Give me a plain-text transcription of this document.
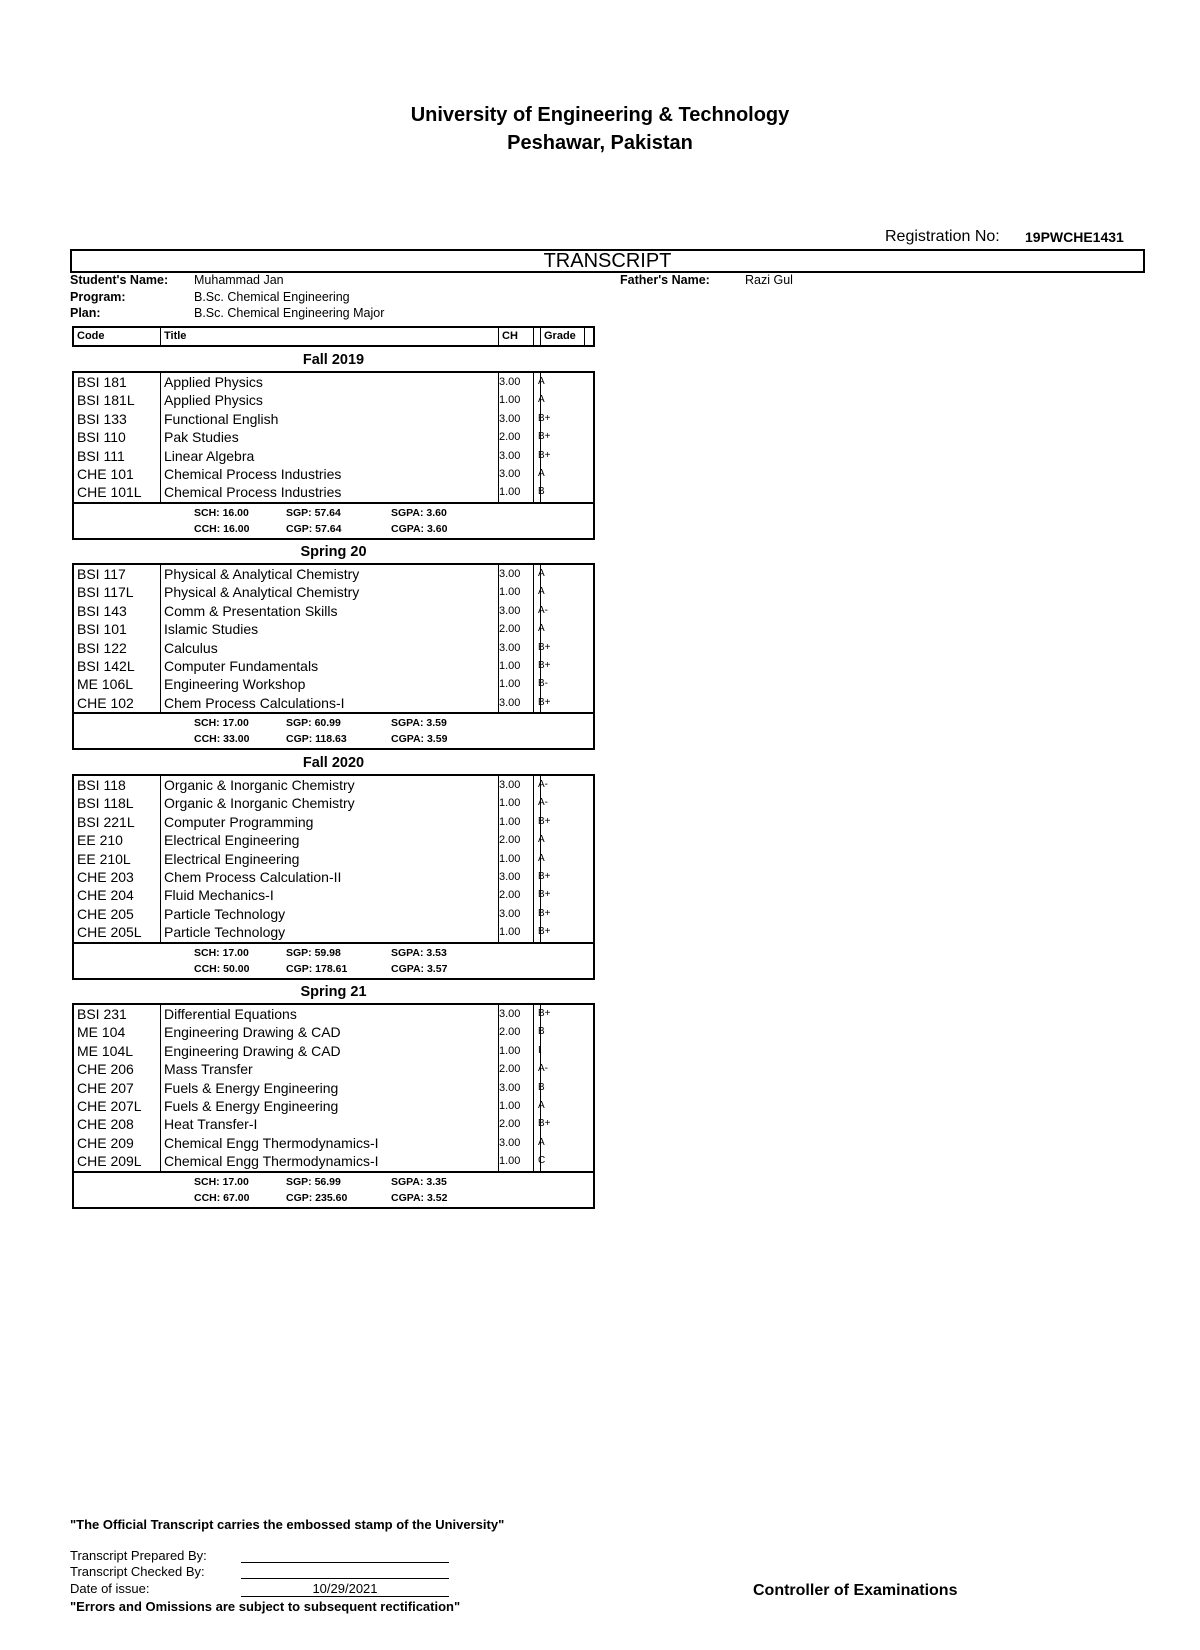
University of Engineering & Technology
Peshawar, Pakistan
Registration No: 19PWCHE1431
TRANSCRIPT
Student's Name: Muhammad Jan	Father's Name:	Razi Gul
Program:	B.Sc. Chemical Engineering
Plan:	B.Sc. Chemical Engineering Major
Code	Title	CH	Grade
Fall 2019
BSI 181	Applied Physics	3.00	A
BSI 181L	Applied Physics	1.00	A
BSI 133	Functional English	3.00	B+
BSI 110	Pak Studies	2.00	B+
BSI 111	Linear Algebra	3.00	B+
CHE 101	Chemical Process Industries	3.00	A
CHE 101L	Chemical Process Industries	1.00	B
SCH: 16.00	SGP: 57.64	SGPA: 3.60
CCH: 16.00	CGP: 57.64	CGPA: 3.60
Spring 20
BSI 117	Physical & Analytical Chemistry	3.00	A
BSI 117L	Physical & Analytical Chemistry	1.00	A
BSI 143	Comm & Presentation Skills	3.00	A-
BSI 101	Islamic Studies	2.00	A
BSI 122	Calculus	3.00	B+
BSI 142L	Computer Fundamentals	1.00	B+
ME 106L	Engineering Workshop	1.00	B-
CHE 102	Chem Process Calculations-I	3.00	B+
SCH: 17.00	SGP: 60.99	SGPA: 3.59
CCH: 33.00	CGP: 118.63	CGPA: 3.59
Fall 2020
BSI 118	Organic & Inorganic Chemistry	3.00	A-
BSI 118L	Organic & Inorganic Chemistry	1.00	A-
BSI 221L	Computer Programming	1.00	B+
EE 210	Electrical Engineering	2.00	A
EE 210L	Electrical Engineering	1.00	A
CHE 203	Chem Process Calculation-II	3.00	B+
CHE 204	Fluid Mechanics-I	2.00	B+
CHE 205	Particle Technology	3.00	B+
CHE 205L	Particle Technology	1.00	B+
SCH: 17.00	SGP: 59.98	SGPA: 3.53
CCH: 50.00	CGP: 178.61	CGPA: 3.57
Spring 21
BSI 231	Differential Equations	3.00	B+
ME 104	Engineering Drawing & CAD	2.00	B
ME 104L	Engineering Drawing & CAD	1.00	I
CHE 206	Mass Transfer	2.00	A-
CHE 207	Fuels & Energy Engineering	3.00	B
CHE 207L	Fuels & Energy Engineering	1.00	A
CHE 208	Heat Transfer-I	2.00	B+
CHE 209	Chemical Engg Thermodynamics-I	3.00	A
CHE 209L	Chemical Engg Thermodynamics-I	1.00	C
SCH: 17.00	SGP: 56.99	SGPA: 3.35
CCH: 67.00	CGP: 235.60	CGPA: 3.52
"The Official Transcript carries the embossed stamp of the University"
Transcript Prepared By:
Transcript Checked By:
Date of issue:	10/29/2021
"Errors and Omissions are subject to subsequent rectification"
Controller of Examinations
